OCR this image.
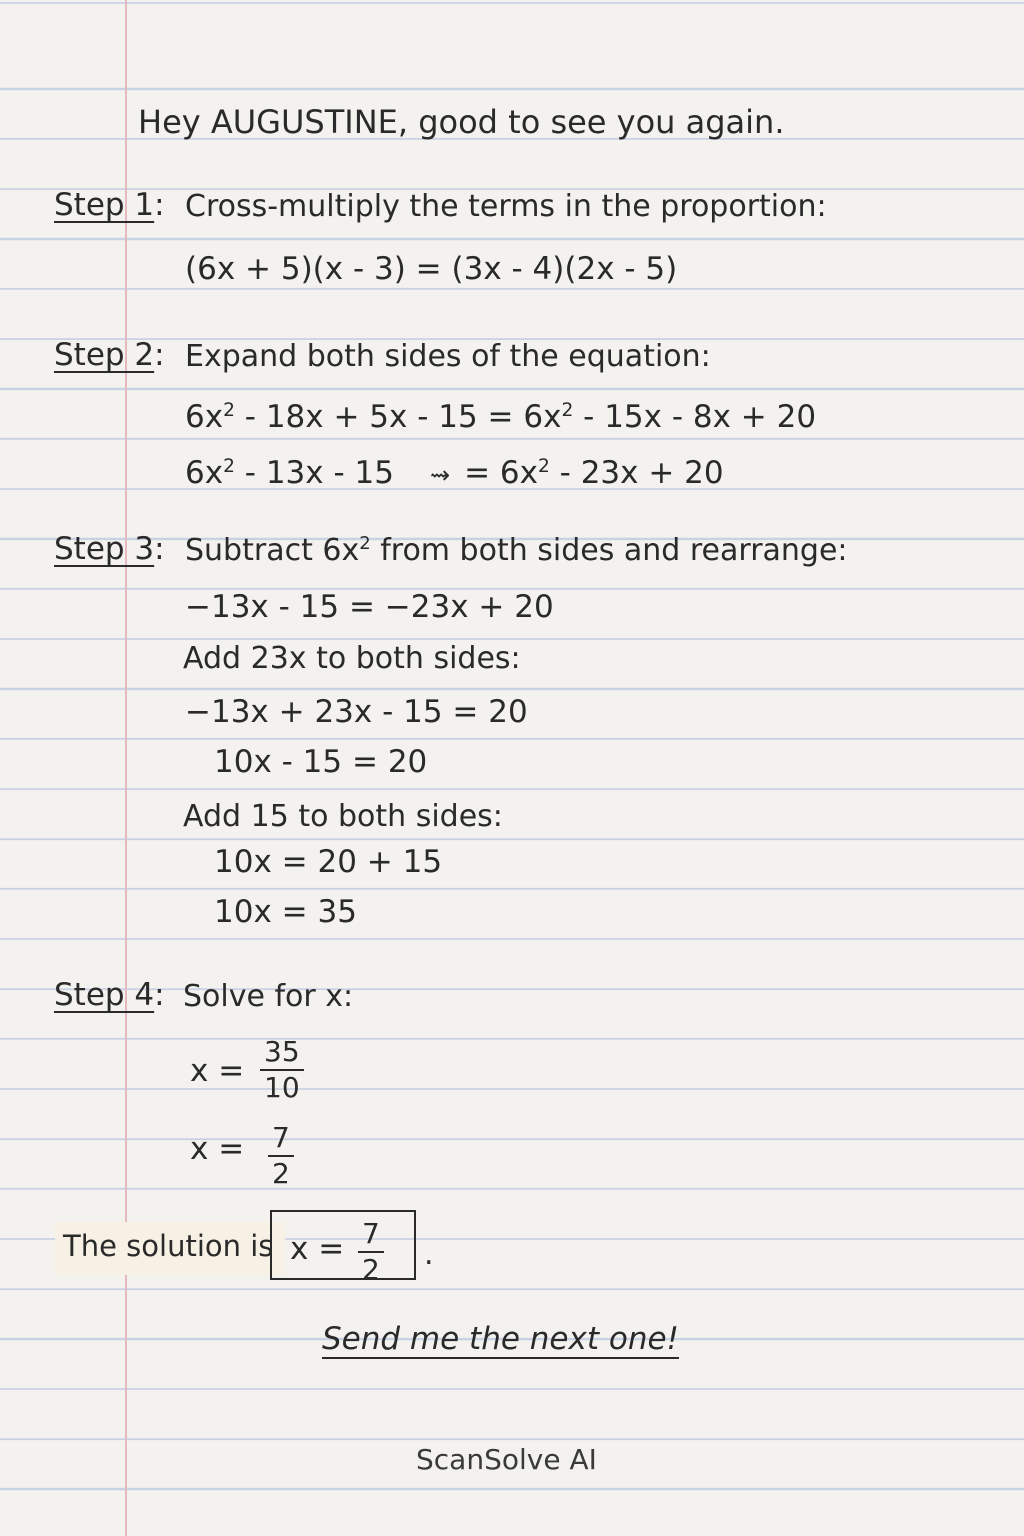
Hey AUGUSTINE, good to see you again.
Step 1: Cross-multiply the terms in the proportion:
(6x + 5)(x - 3) = (3x - 4)(2x - 5)
Step 2: Expand both sides of the equation:
$6x^2 - 18x + 5x - 15 = 6x^2 - 15x - 8x + 20$
$6x^2 - 13x - 15$ ⇝ = $6x^2 - 23x + 20$
Step 3: Subtract $6x^2$ from both sides and rearrange:
−13x - 15 = −23x + 20
Add 23x to both sides:
−13x + 23x - 15 = 20
10x - 15 = 20
Add 15 to both sides:
10x = 20 + 15
10x = 35
Step 4: Solve for x:
$x = \frac{35}{10}$
$x = \frac{7}{2}$
The solution is $x = \frac{7}{2}$ .
Send me the next one!
ScanSolve AI
